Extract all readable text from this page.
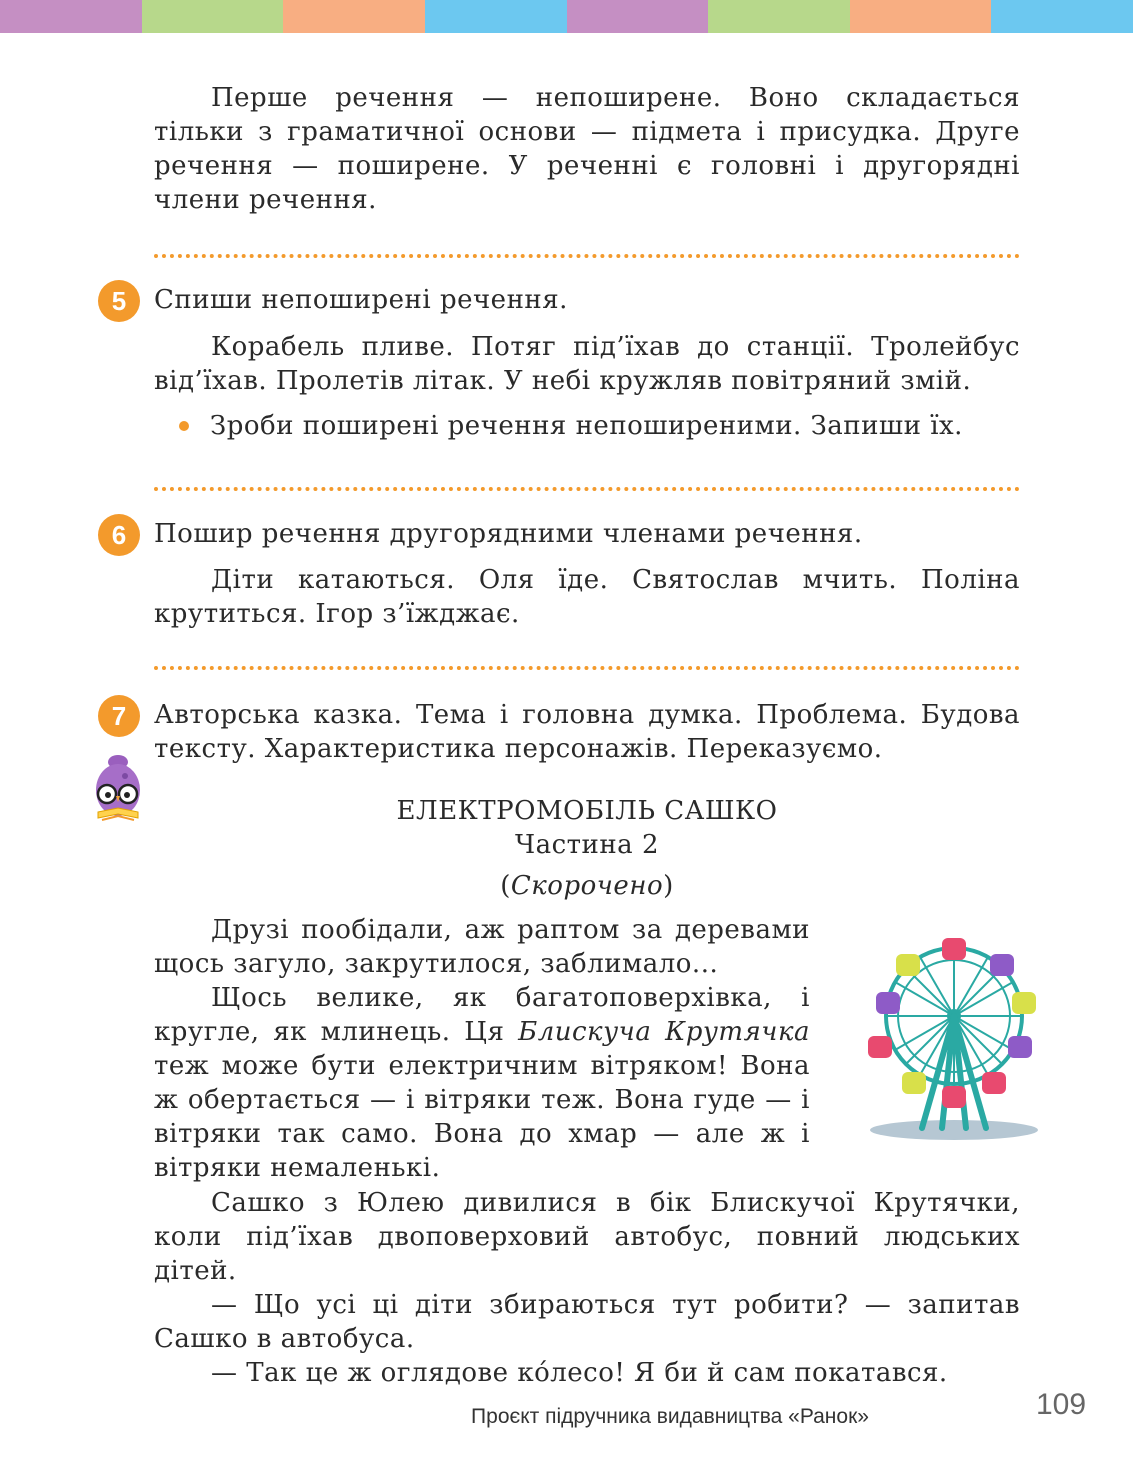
Перше речення — непоширене. Воно складається тільки з граматичної основи — підмета і присудка. Друге речення — поширене. У реченні є головні і другорядні члени речення.

5	Спиши непоширені речення.

Корабель пливе. Потяг під’їхав до станції. Тролейбус від’їхав. Пролетів літак. У небі кружляв повітряний змій.

Зроби поширені речення непоширеними. Запиши їх.

6	Пошир речення другорядними членами речення.

Діти катаються. Оля їде. Святослав мчить. Поліна крутиться. Ігор з’їжджає.

7	Авторська казка. Тема і головна думка. Проблема. Будова тексту. Характеристика персонажів. Переказуємо.

ЕЛЕКТРОМОБІЛЬ САШКО

Частина 2

(Скорочено)

Друзі пообідали, аж раптом за деревами щось загуло, закрутилося, заблимало...

Щось велике, як багатоповерхівка, і кругле, як млинець. Ця Блискуча Крутячка теж може бути електричним вітряком! Вона ж обертається — і вітряки теж. Вона гуде — і вітряки так само. Вона до хмар — але ж і вітряки немаленькі.

Сашко з Юлею дивилися в бік Блискучої Крутячки, коли під’їхав двоповерховий автобус, повний людських дітей.

— Що усі ці діти збираються тут робити? — запитав Сашко в автобуса.

— Так це ж оглядове ко́лесо! Я би й сам покатався.

Проєкт підручника видавництва «Ранок»	109
